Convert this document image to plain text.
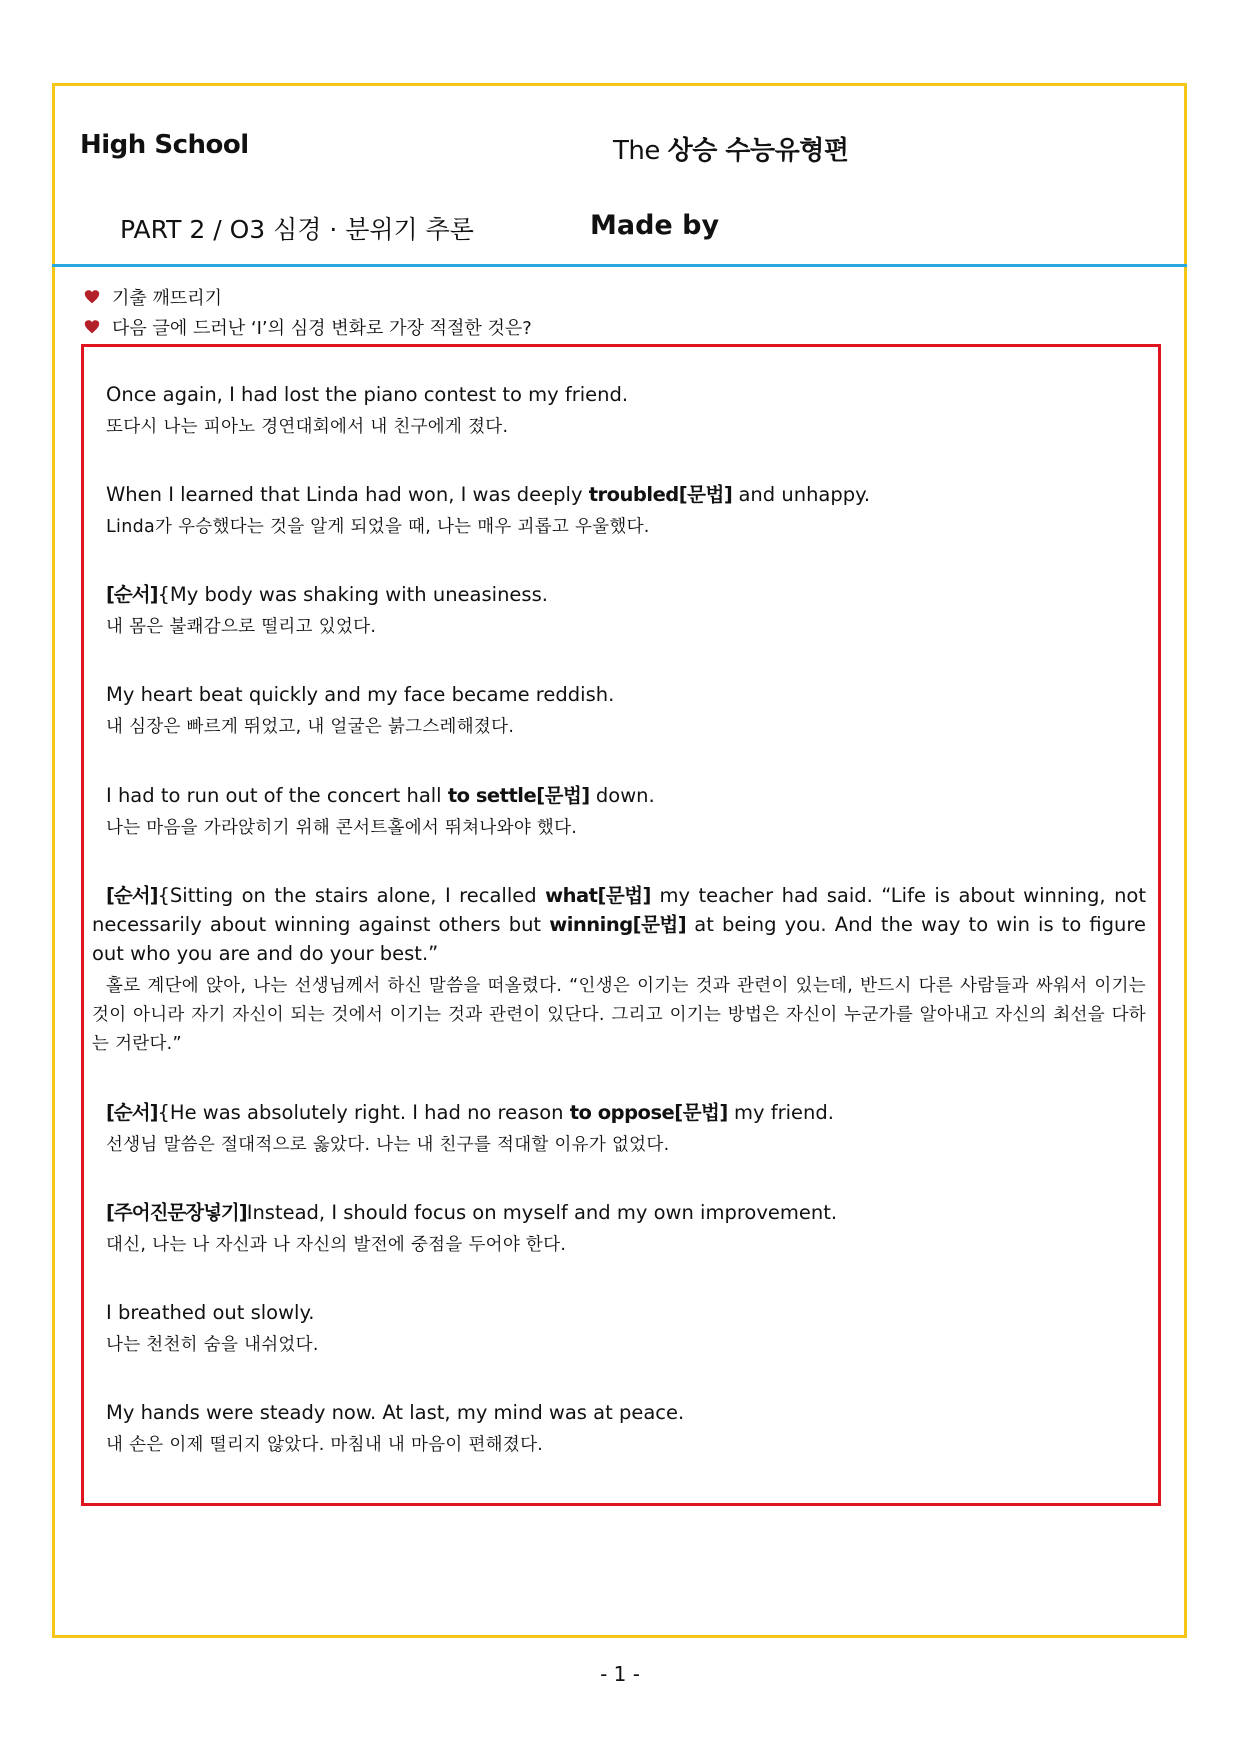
High School	The 상승 수능유형편
PART 2 / O3 심경 · 분위기 추론	Made by
기출 깨뜨리기
다음 글에 드러난 ‘I’의 심경 변화로 가장 적절한 것은?
Once again, I had lost the piano contest to my friend.
또다시 나는 피아노 경연대회에서 내 친구에게 졌다.
When I learned that Linda had won, I was deeply troubled[문법] and unhappy.
Linda가 우승했다는 것을 알게 되었을 때, 나는 매우 괴롭고 우울했다.
[순서]{My body was shaking with uneasiness.
내 몸은 불쾌감으로 떨리고 있었다.
My heart beat quickly and my face became reddish.
내 심장은 빠르게 뛰었고, 내 얼굴은 붉그스레해졌다.
I had to run out of the concert hall to settle[문법] down.
나는 마음을 가라앉히기 위해 콘서트홀에서 뛰쳐나와야 했다.
[순서]{Sitting on the stairs alone, I recalled what[문법] my teacher had said. “Life is about winning, not necessarily about winning against others but winning[문법] at being you. And the way to win is to figure out who you are and do your best.”
홀로 계단에 앉아, 나는 선생님께서 하신 말씀을 떠올렸다. “인생은 이기는 것과 관련이 있는데, 반드시 다른 사람들과 싸워서 이기는 것이 아니라 자기 자신이 되는 것에서 이기는 것과 관련이 있단다. 그리고 이기는 방법은 자신이 누군가를 알아내고 자신의 최선을 다하는 거란다.”
[순서]{He was absolutely right. I had no reason to oppose[문법] my friend.
선생님 말씀은 절대적으로 옳았다. 나는 내 친구를 적대할 이유가 없었다.
[주어진문장넣기]Instead, I should focus on myself and my own improvement.
대신, 나는 나 자신과 나 자신의 발전에 중점을 두어야 한다.
I breathed out slowly.
나는 천천히 숨을 내쉬었다.
My hands were steady now. At last, my mind was at peace.
내 손은 이제 떨리지 않았다. 마침내 내 마음이 편해졌다.
- 1 -
